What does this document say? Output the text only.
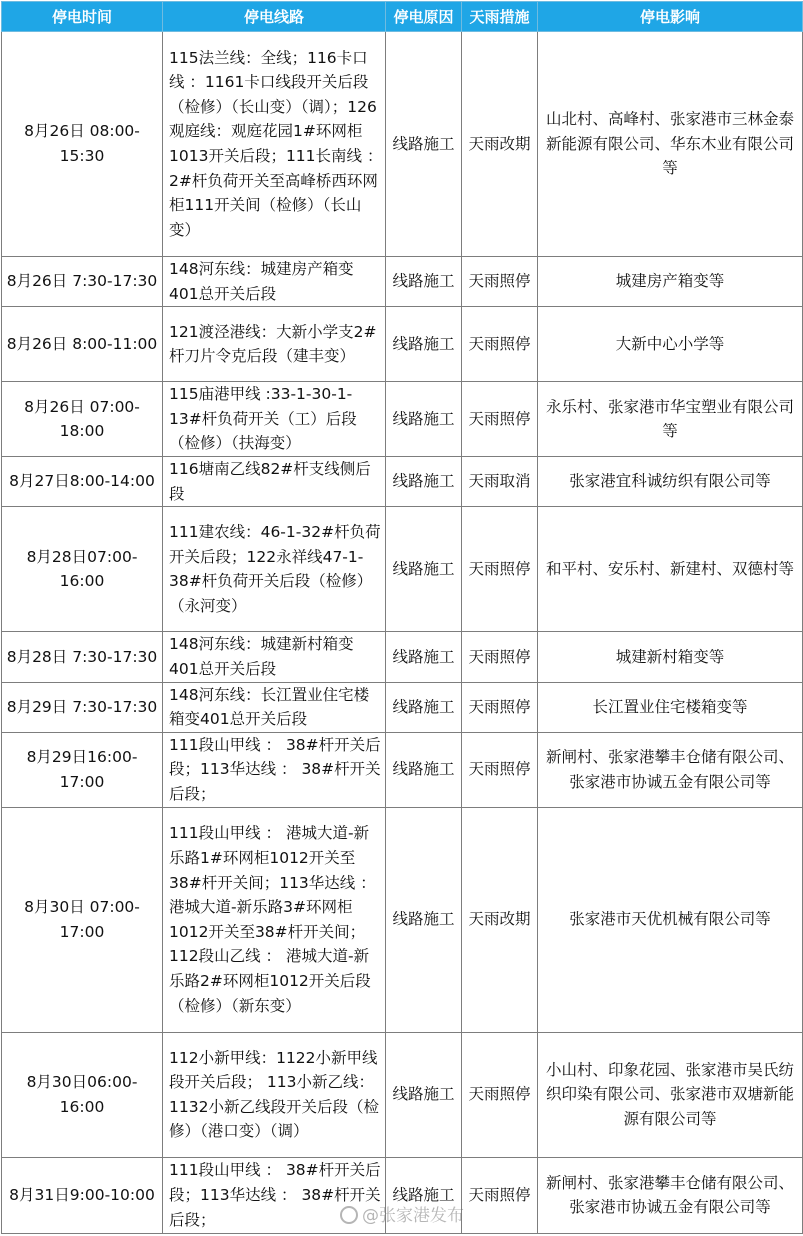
停电时间	停电线路	停电原因	天雨措施	停电影响
8月26日 08:00-15:30	115法兰线：全线；116卡口线 ：1161卡口线段开关后段（检修）（长山变）（调）；126观庭线：观庭花园1#环网柜1013开关后段；111长南线 ：2#杆负荷开关至高峰桥西环网柜111开关间（检修）（长山变）	线路施工	天雨改期	山北村、高峰村、张家港市三林金泰新能源有限公司、华东木业有限公司等
8月26日 7:30-17:30	148河东线：城建房产箱变401总开关后段	线路施工	天雨照停	城建房产箱变等
8月26日 8:00-11:00	121渡泾港线：大新小学支2#杆刀片令克后段（建丰变）	线路施工	天雨照停	大新中心小学等
8月26日 07:00-18:00	115庙港甲线 :33-1-30-1-13#杆负荷开关（工）后段（检修）（扶海变）	线路施工	天雨照停	永乐村、张家港市华宝塑业有限公司等
8月27日8:00-14:00	116塘南乙线82#杆支线侧后段	线路施工	天雨取消	张家港宜科诚纺织有限公司等
8月28日07:00-16:00	111建农线：46-1-32#杆负荷开关后段；122永祥线47-1-38#杆负荷开关后段（检修）（永河变）	线路施工	天雨照停	和平村、安乐村、新建村、双德村等
8月28日 7:30-17:30	148河东线：城建新村箱变401总开关后段	线路施工	天雨照停	城建新村箱变等
8月29日 7:30-17:30	148河东线：长江置业住宅楼箱变401总开关后段	线路施工	天雨照停	长江置业住宅楼箱变等
8月29日16:00-17:00	111段山甲线 ： 38#杆开关后段；113华达线 ： 38#杆开关后段；	线路施工	天雨照停	新闸村、张家港攀丰仓储有限公司、张家港市协诚五金有限公司等
8月30日 07:00-17:00	111段山甲线 ： 港城大道-新乐路1#环网柜1012开关至38#杆开关间；113华达线 ： 港城大道-新乐路3#环网柜1012开关至38#杆开关间；112段山乙线 ： 港城大道-新乐路2#环网柜1012开关后段（检修）（新东变）	线路施工	天雨改期	张家港市天优机械有限公司等
8月30日06:00-16:00	112小新甲线：1122小新甲线段开关后段； 113小新乙线：1132小新乙线段开关后段（检修）（港口变）（调）	线路施工	天雨照停	小山村、印象花园、张家港市吴氏纺织印染有限公司、张家港市双塘新能源有限公司等
8月31日9:00-10:00	111段山甲线 ： 38#杆开关后段；113华达线 ： 38#杆开关后段；	线路施工	天雨照停	新闸村、张家港攀丰仓储有限公司、张家港市协诚五金有限公司等
@张家港发布
